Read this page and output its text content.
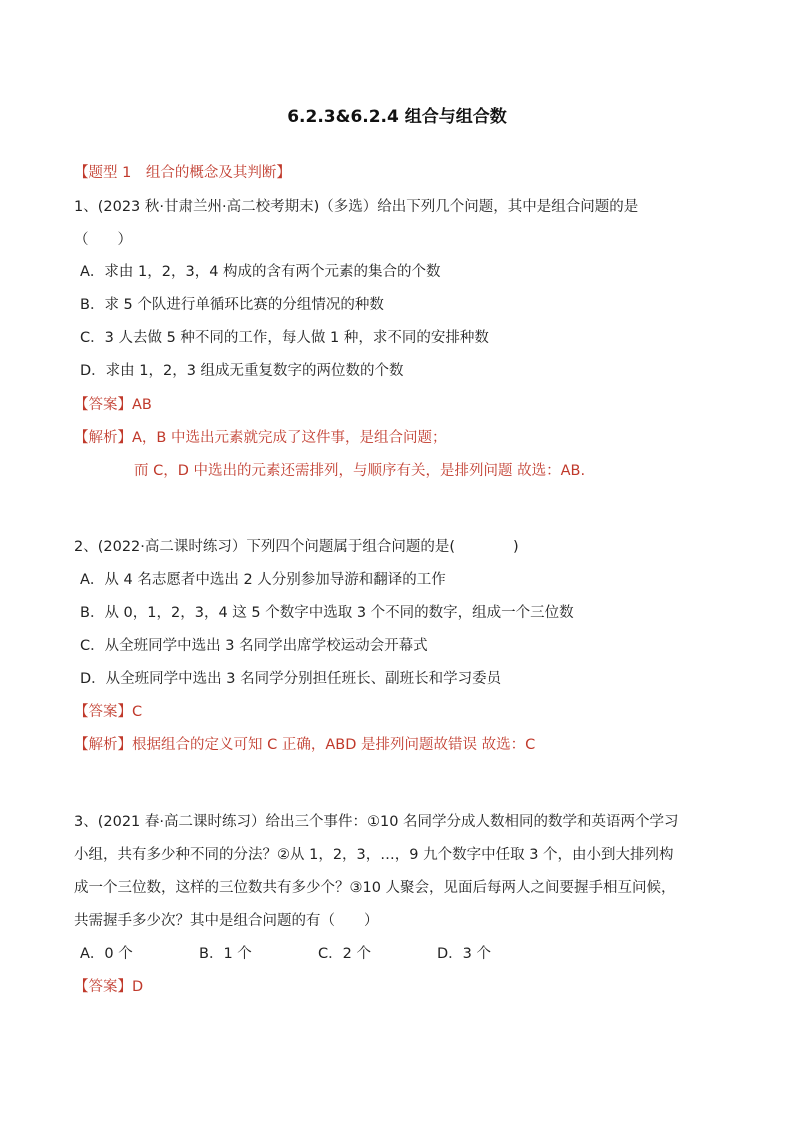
6.2.3&6.2.4 组合与组合数
【题型 1　组合的概念及其判断】
1、(2023 秋·甘肃兰州·高二校考期末)（多选）给出下列几个问题，其中是组合问题的是
（　　）
A．求由 1，2，3，4 构成的含有两个元素的集合的个数
B．求 5 个队进行单循环比赛的分组情况的种数
C．3 人去做 5 种不同的工作，每人做 1 种，求不同的安排种数
D．求由 1，2，3 组成无重复数字的两位数的个数
【答案】AB
【解析】A，B 中选出元素就完成了这件事，是组合问题；
而 C，D 中选出的元素还需排列，与顺序有关，是排列问题 故选：AB.
2、(2022·高二课时练习）下列四个问题属于组合问题的是(　　　　)
A．从 4 名志愿者中选出 2 人分别参加导游和翻译的工作
B．从 0，1，2，3，4 这 5 个数字中选取 3 个不同的数字，组成一个三位数
C．从全班同学中选出 3 名同学出席学校运动会开幕式
D．从全班同学中选出 3 名同学分别担任班长、副班长和学习委员
【答案】C
【解析】根据组合的定义可知 C 正确，ABD 是排列问题故错误 故选：C
3、(2021 春·高二课时练习）给出三个事件：①10 名同学分成人数相同的数学和英语两个学习
小组，共有多少种不同的分法？②从 1，2，3，…，9 九个数字中任取 3 个，由小到大排列构
成一个三位数，这样的三位数共有多少个？③10 人聚会，见面后每两人之间要握手相互问候，
共需握手多少次？其中是组合问题的有（　　）
A．0 个	B．1 个	C．2 个	D．3 个
【答案】D
